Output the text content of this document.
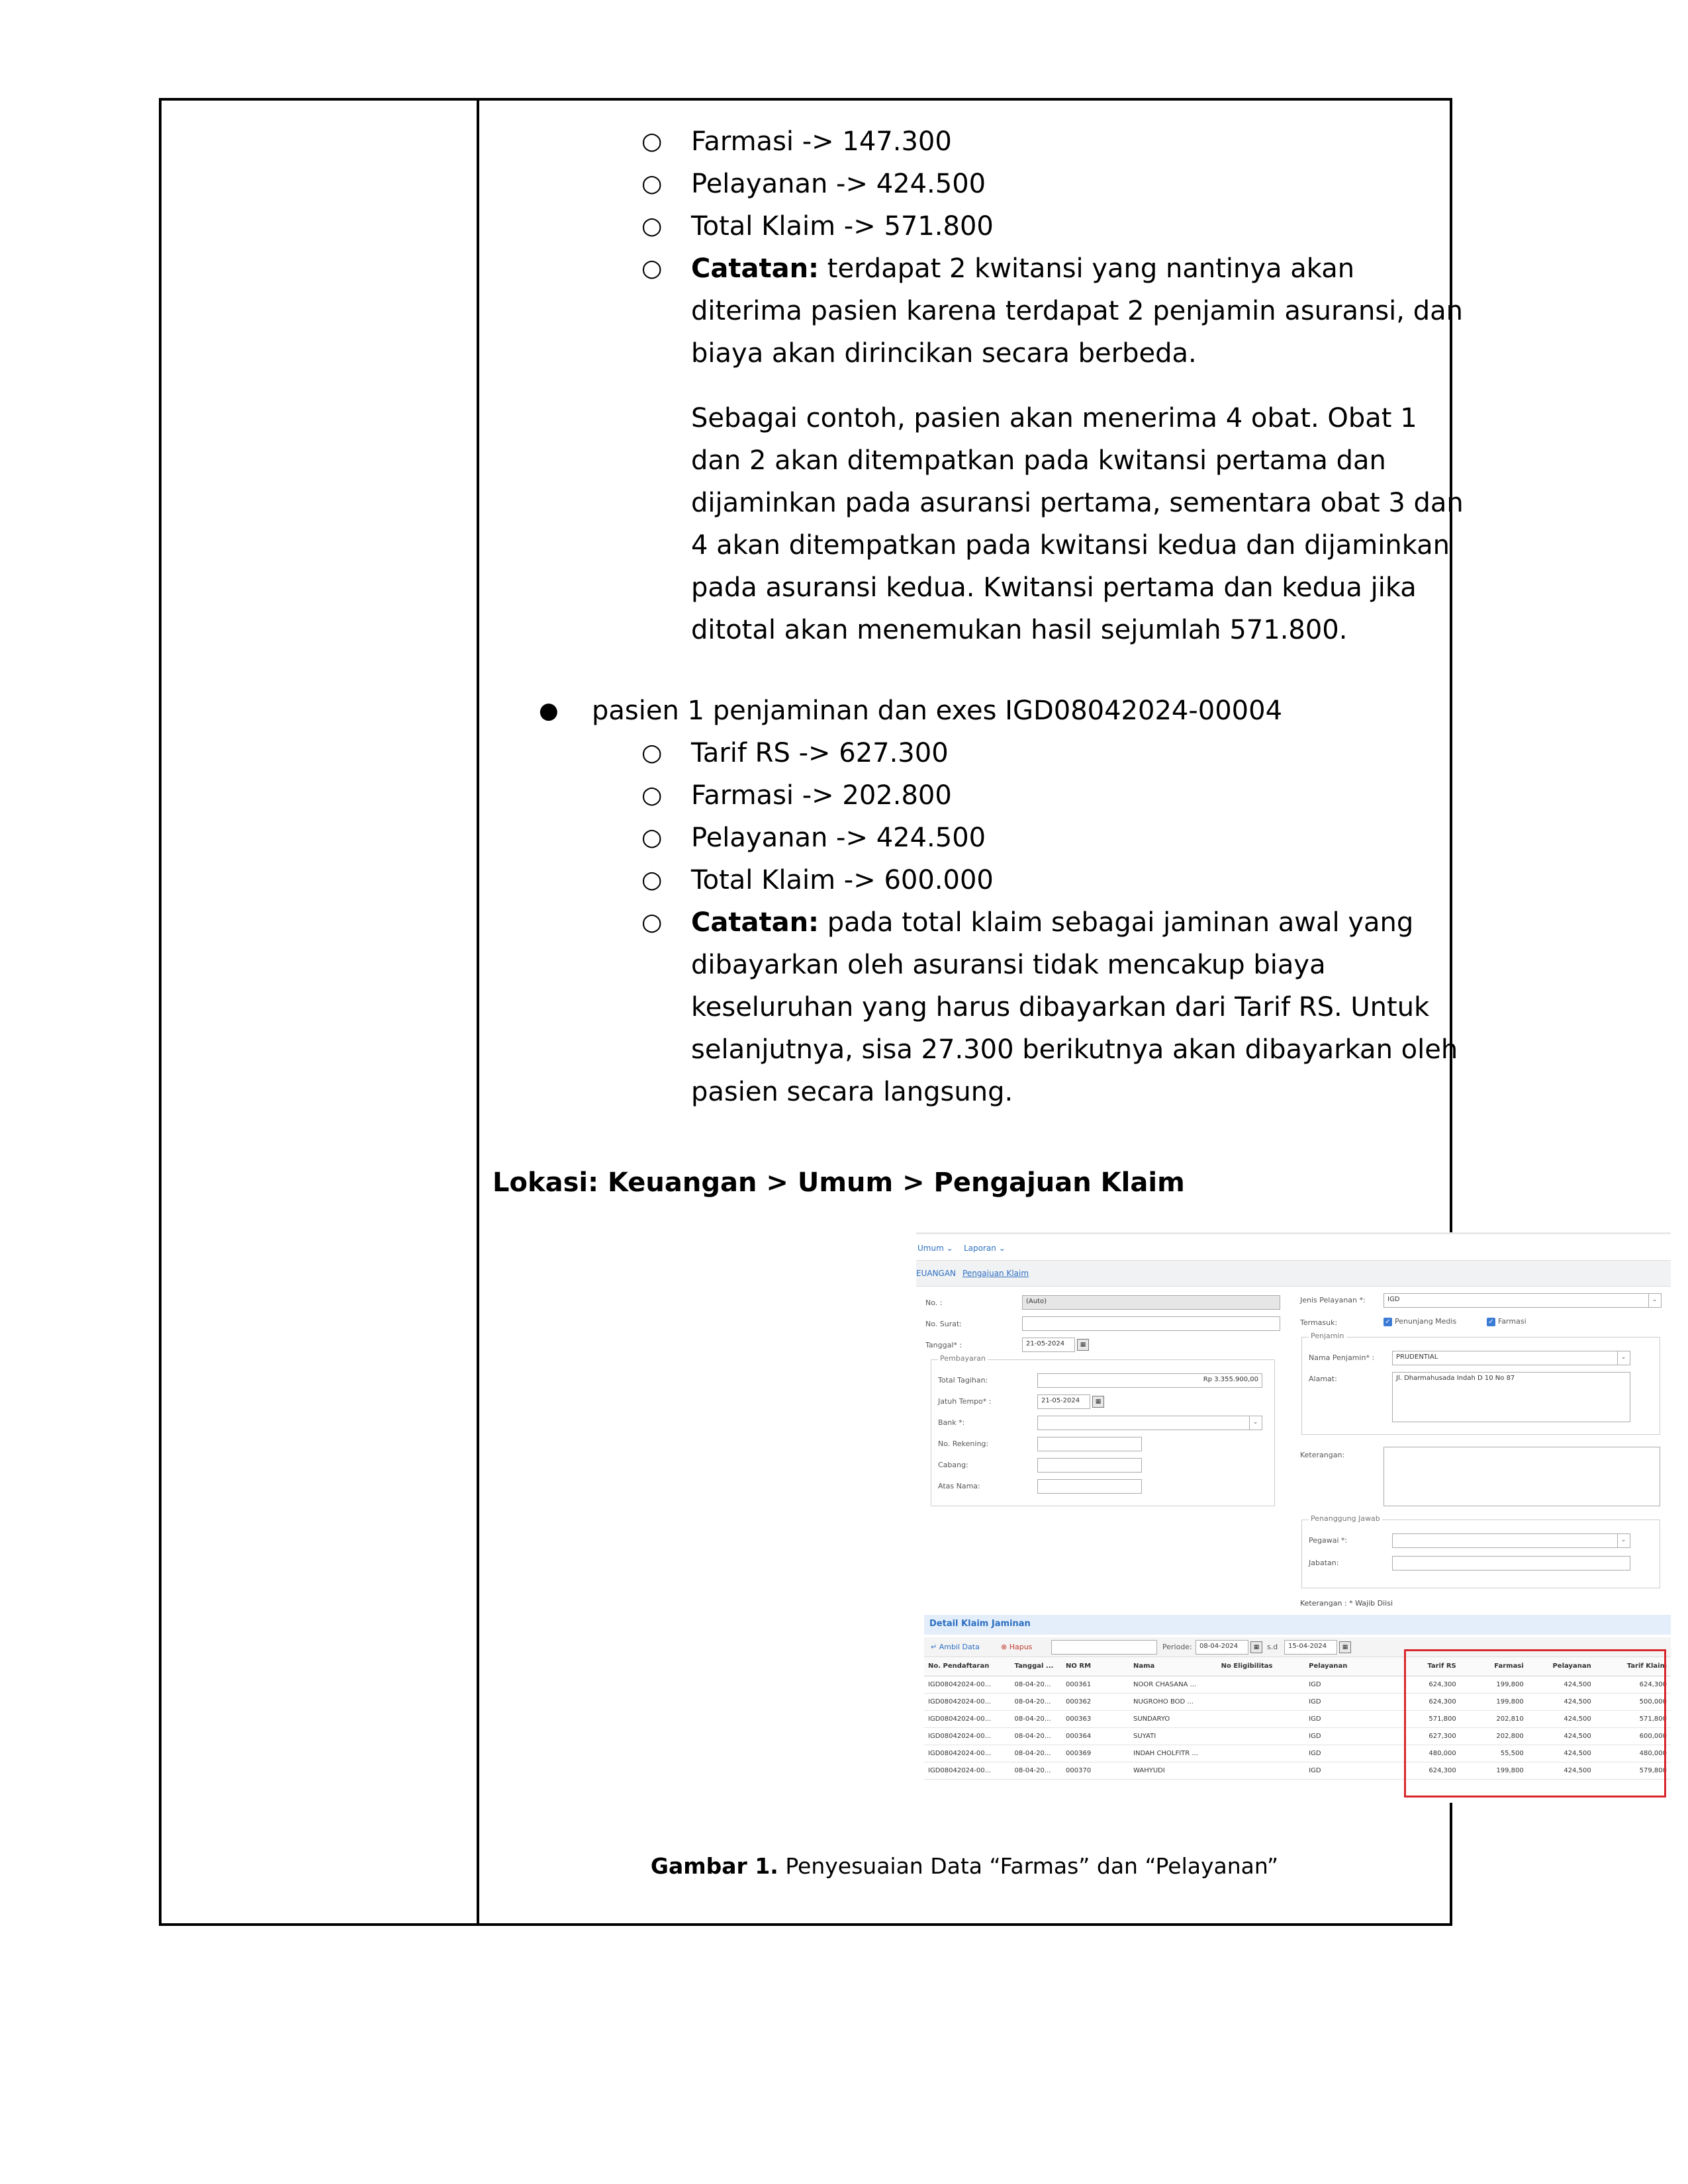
○ Farmasi -> 147.300
○ Pelayanan -> 424.500
○ Total Klaim -> 571.800
○ Catatan: terdapat 2 kwitansi yang nantinya akan diterima pasien karena terdapat 2 penjamin asuransi, dan biaya akan dirincikan secara berbeda.
Sebagai contoh, pasien akan menerima 4 obat. Obat 1 dan 2 akan ditempatkan pada kwitansi pertama dan dijaminkan pada asuransi pertama, sementara obat 3 dan 4 akan ditempatkan pada kwitansi kedua dan dijaminkan pada asuransi kedua. Kwitansi pertama dan kedua jika ditotal akan menemukan hasil sejumlah 571.800.
● pasien 1 penjaminan dan exes IGD08042024-00004
○ Tarif RS -> 627.300
○ Farmasi -> 202.800
○ Pelayanan -> 424.500
○ Total Klaim -> 600.000
○ Catatan: pada total klaim sebagai jaminan awal yang dibayarkan oleh asuransi tidak mencakup biaya keseluruhan yang harus dibayarkan dari Tarif RS. Untuk selanjutnya, sisa 27.300 berikutnya akan dibayarkan oleh pasien secara langsung.
Lokasi: Keuangan > Umum > Pengajuan Klaim
Umum ⌄ Laporan ⌄
EUANGAN Pengajuan Klaim
No. :	(Auto)
No. Surat:
Tanggal* :	21-05-2024	▦
Pembayaran
Total Tagihan:	Rp 3.355.900,00
Jatuh Tempo* :	21-05-2024	▦
Bank *:	⌄
No. Rekening:
Cabang:
Atas Nama:
Jenis Pelayanan *:	IGD	⌄
Termasuk:	✓ Penunjang Medis	✓ Farmasi
Penjamin
Nama Penjamin* :	PRUDENTIAL	⌄
Alamat:	Jl. Dharmahusada Indah D 10 No 87
Keterangan:
Penanggung Jawab
Pegawai *:	⌄
Jabatan:
Keterangan : * Wajib Diisi
Detail Klaim Jaminan
↵ Ambil Data	⊗ Hapus	Periode:	08-04-2024	▦	s.d	15-04-2024	▦
No. Pendaftaran	Tanggal ...	NO RM	Nama	No Eligibilitas	Pelayanan	Tarif RS	Farmasi	Pelayanan	Tarif Klaim
IGD08042024-00...	08-04-20...	000361	NOOR CHASANA ...		IGD	624,300	199,800	424,500	624,300
IGD08042024-00...	08-04-20...	000362	NUGROHO BOD ...		IGD	624,300	199,800	424,500	500,000
IGD08042024-00...	08-04-20...	000363	SUNDARYO		IGD	571,800	202,810	424,500	571,800
IGD08042024-00...	08-04-20...	000364	SUYATI		IGD	627,300	202,800	424,500	600,000
IGD08042024-00...	08-04-20...	000369	INDAH CHOLFITR ...		IGD	480,000	55,500	424,500	480,000
IGD08042024-00...	08-04-20...	000370	WAHYUDI		IGD	624,300	199,800	424,500	579,800
Gambar 1. Penyesuaian Data “Farmas” dan “Pelayanan”
